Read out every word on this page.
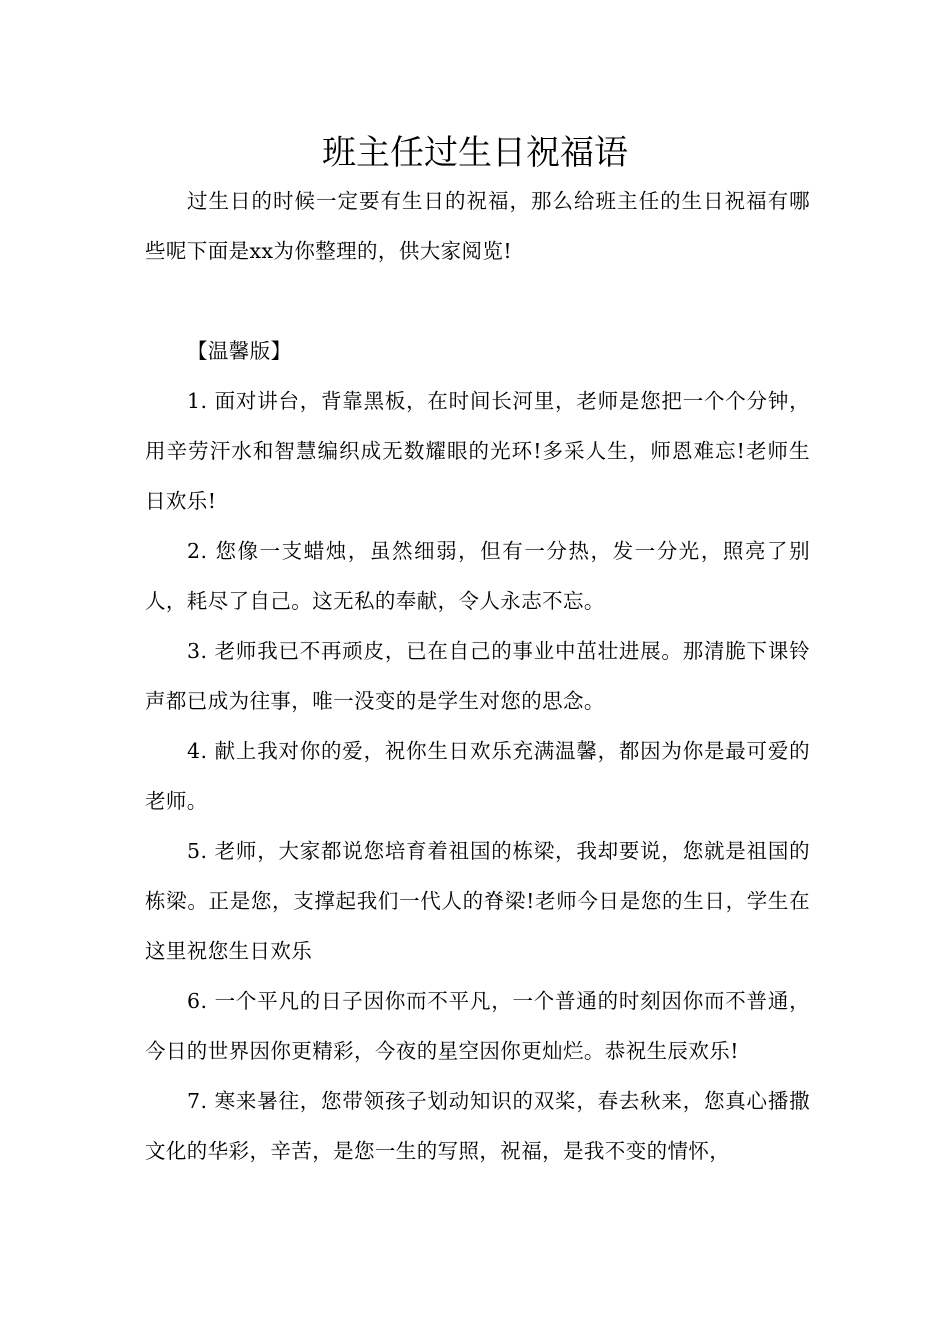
班主任过生日祝福语

过生日的时候一定要有生日的祝福，那么给班主任的生日祝福有哪些呢下面是xx为你整理的，供大家阅览!

【温馨版】

1. 面对讲台，背靠黑板，在时间长河里，老师是您把一个个分钟，用辛劳汗水和智慧编织成无数耀眼的光环!多采人生，师恩难忘!老师生日欢乐!

2. 您像一支蜡烛，虽然细弱，但有一分热，发一分光，照亮了别人，耗尽了自己。这无私的奉献，令人永志不忘。

3. 老师我已不再顽皮，已在自己的事业中茁壮进展。那清脆下课铃声都已成为往事，唯一没变的是学生对您的思念。

4. 献上我对你的爱，祝你生日欢乐充满温馨，都因为你是最可爱的老师。

5. 老师，大家都说您培育着祖国的栋梁，我却要说，您就是祖国的栋梁。正是您，支撑起我们一代人的脊梁!老师今日是您的生日，学生在这里祝您生日欢乐

6. 一个平凡的日子因你而不平凡，一个普通的时刻因你而不普通，今日的世界因你更精彩，今夜的星空因你更灿烂。恭祝生辰欢乐!

7. 寒来暑往，您带领孩子划动知识的双桨，春去秋来，您真心播撒文化的华彩，辛苦，是您一生的写照，祝福，是我不变的情怀，
